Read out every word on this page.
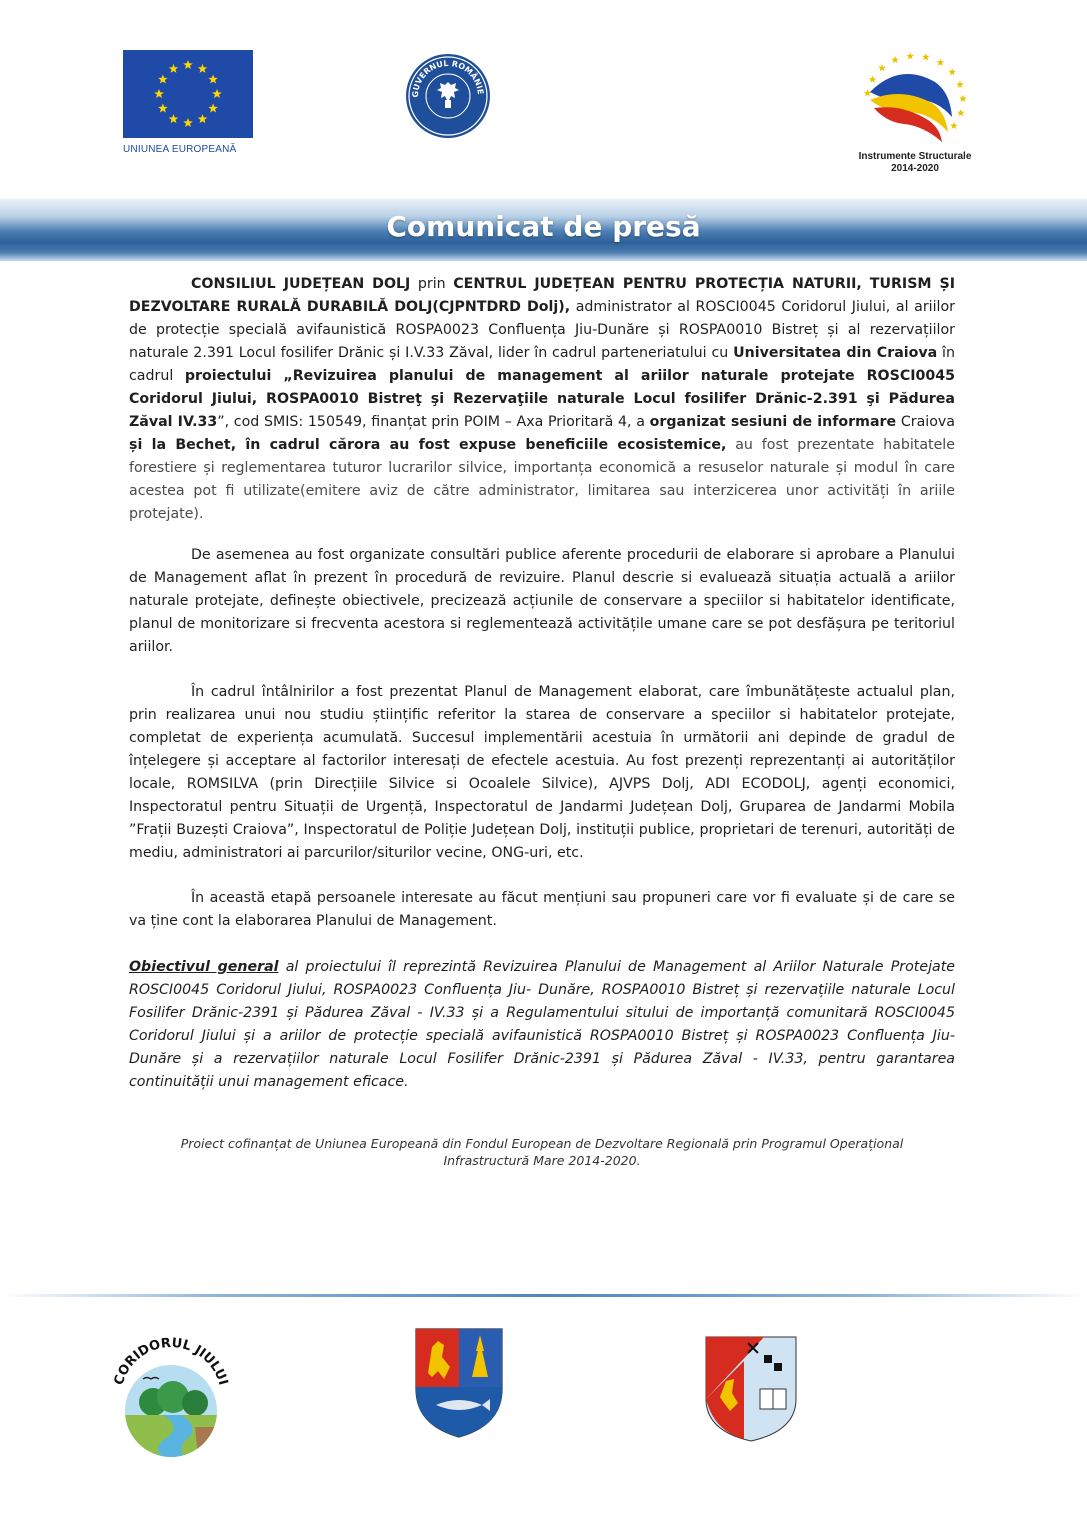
UNIUNEA EUROPEANĂ
GUVERNUL ROMÂNIE
Instrumente Structurale
2014-2020
Comunicat de presă
CONSILIUL JUDEȚEAN DOLJ prin CENTRUL JUDEȚEAN PENTRU PROTECȚIA NATURII, TURISM ȘI DEZVOLTARE RURALĂ DURABILĂ DOLJ(CJPNTDRD Dolj), administrator al ROSCI0045 Coridorul Jiului, al ariilor de protecție specială avifaunistică ROSPA0023 Confluența Jiu-Dunăre și ROSPA0010 Bistreț și al rezervațiilor naturale 2.391 Locul fosilifer Drănic și I.V.33 Zăval, lider în cadrul parteneriatului cu Universitatea din Craiova în cadrul proiectului „Revizuirea planului de management al ariilor naturale protejate ROSCI0045 Coridorul Jiului, ROSPA0010 Bistreţ şi Rezervaţiile naturale Locul fosilifer Drănic-2.391 şi Pădurea Zăval IV.33”, cod SMIS: 150549, finanțat prin POIM – Axa Prioritară 4, a organizat sesiuni de informare Craiova și la Bechet, în cadrul cărora au fost expuse beneficiile ecosistemice, au fost prezentate habitatele forestiere și reglementarea tuturor lucrarilor silvice, importanța economică a resuselor naturale și modul în care acestea pot fi utilizate(emitere aviz de către administrator, limitarea sau interzicerea unor activități în ariile protejate).
De asemenea au fost organizate consultări publice aferente procedurii de elaborare si aprobare a Planului de Management aflat în prezent în procedură de revizuire. Planul descrie si evaluează situația actuală a ariilor naturale protejate, definește obiectivele, precizează acțiunile de conservare a speciilor si habitatelor identificate, planul de monitorizare si frecventa acestora si reglementează activitățile umane care se pot desfășura pe teritoriul ariilor.
În cadrul întâlnirilor a fost prezentat Planul de Management elaborat, care îmbunătățeste actualul plan, prin realizarea unui nou studiu științific referitor la starea de conservare a speciilor si habitatelor protejate, completat de experiența acumulată. Succesul implementării acestuia în următorii ani depinde de gradul de înțelegere și acceptare al factorilor interesați de efectele acestuia. Au fost prezenți reprezentanți ai autorităților locale, ROMSILVA (prin Direcțiile Silvice si Ocoalele Silvice), AJVPS Dolj, ADI ECODOLJ, agenți economici, Inspectoratul pentru Situații de Urgență, Inspectoratul de Jandarmi Județean Dolj, Gruparea de Jandarmi Mobila ”Frații Buzești Craiova”, Inspectoratul de Poliție Județean Dolj, instituții publice, proprietari de terenuri, autorități de mediu, administratori ai parcurilor/siturilor vecine, ONG-uri, etc.
În această etapă persoanele interesate au făcut mențiuni sau propuneri care vor fi evaluate și de care se va ține cont la elaborarea Planului de Management.
Obiectivul general al proiectului îl reprezintă Revizuirea Planului de Management al Ariilor Naturale Protejate ROSCI0045 Coridorul Jiului, ROSPA0023 Confluența Jiu- Dunăre, ROSPA0010 Bistreț și rezervațiile naturale Locul Fosilifer Drănic-2391 și Pădurea Zăval - IV.33 și a Regulamentului sitului de importanță comunitară ROSCI0045 Coridorul Jiului și a ariilor de protecție specială avifaunistică ROSPA0010 Bistreț și ROSPA0023 Confluența Jiu-Dunăre și a rezervațiilor naturale Locul Fosilifer Drănic-2391 și Pădurea Zăval - IV.33, pentru garantarea continuității unui management eficace.
Proiect cofinanțat de Uniunea Europeană din Fondul European de Dezvoltare Regională prin Programul Operațional
Infrastructură Mare 2014-2020.
CORIDORUL JIULUI
